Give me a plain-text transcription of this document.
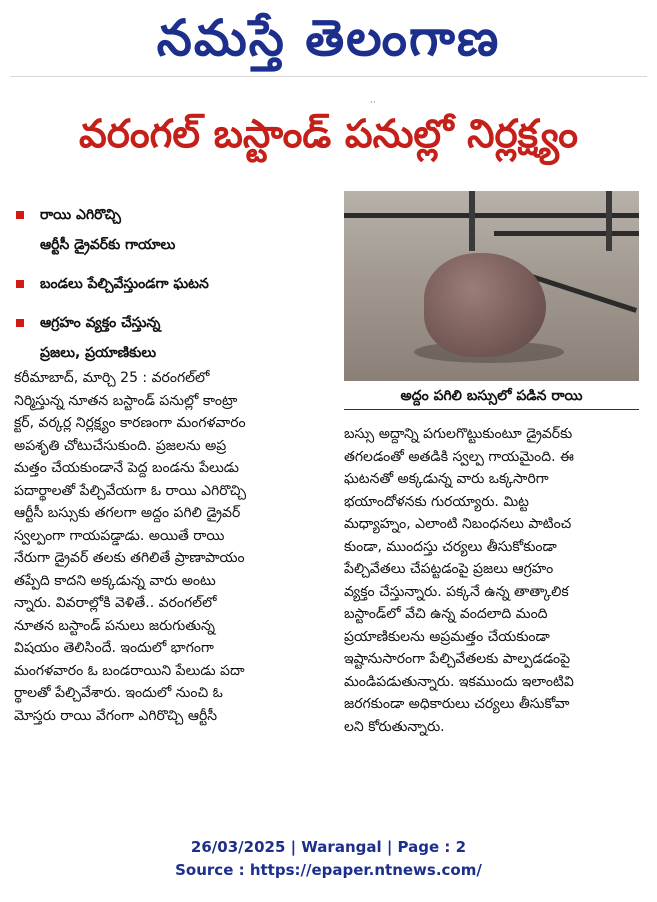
నమస్తే తెలంగాణ
··
వరంగల్ బస్టాండ్ పనుల్లో నిర్లక్ష్యం
రాయి ఎగిరొచ్చి
ఆర్టీసీ డ్రైవర్‌కు గాయాలు
బండలు పేల్చివేస్తుండగా ఘటన
ఆగ్రహం వ్యక్తం చేస్తున్న
ప్రజలు, ప్రయాణికులు
అద్దం పగిలి బస్సులో పడిన రాయి
కరీమాబాద్, మార్చి 25 : వరంగల్‌లో
నిర్మిస్తున్న నూతన బస్టాండ్ పనుల్లో కాంట్రా
క్టర్, వర్కర్ల నిర్లక్ష్యం కారణంగా మంగళవారం
అపశృతి చోటుచేసుకుంది. ప్రజలను అప్ర
మత్తం చేయకుండానే పెద్ద బండను పేలుడు
పదార్థాలతో పేల్చివేయగా ఓ రాయి ఎగిరొచ్చి
ఆర్టీసీ బస్సుకు తగలగా అద్దం పగిలి డ్రైవర్
స్వల్పంగా గాయపడ్డాడు. అయితే రాయి
నేరుగా డ్రైవర్ తలకు తగిలితే ప్రాణాపాయం
తప్పేది కాదని అక్కడున్న వారు అంటు
న్నారు. వివరాల్లోకి వెళితే.. వరంగల్‌లో
నూతన బస్టాండ్ పనులు జరుగుతున్న
విషయం తెలిసిందే. ఇందులో భాగంగా
మంగళవారం ఓ బండరాయిని పేలుడు పదా
ర్థాలతో పేల్చివేశారు. ఇందులో నుంచి ఓ
మోస్తరు రాయి వేగంగా ఎగిరొచ్చి ఆర్టీసీ
బస్సు అద్దాన్ని పగులగొట్టుకుంటూ డ్రైవర్‌కు
తగలడంతో అతడికి స్వల్ప గాయమైంది. ఈ
ఘటనతో అక్కడున్న వారు ఒక్కసారిగా
భయాందోళనకు గురయ్యారు. మిట్ట
మధ్యాహ్నం, ఎలాంటి నిబంధనలు పాటించ
కుండా, ముందస్తు చర్యలు తీసుకోకుండా
పేల్చివేతలు చేపట్టడంపై ప్రజలు ఆగ్రహం
వ్యక్తం చేస్తున్నారు. పక్కనే ఉన్న తాత్కాలిక
బస్టాండ్‌లో వేచి ఉన్న వందలాది మంది
ప్రయాణికులను అప్రమత్తం చేయకుండా
ఇష్టానుసారంగా పేల్చివేతలకు పాల్పడడంపై
మండిపడుతున్నారు. ఇకముందు ఇలాంటివి
జరగకుండా అధికారులు చర్యలు తీసుకోవా
లని కోరుతున్నారు.
26/03/2025 | Warangal | Page : 2
Source : https://epaper.ntnews.com/
